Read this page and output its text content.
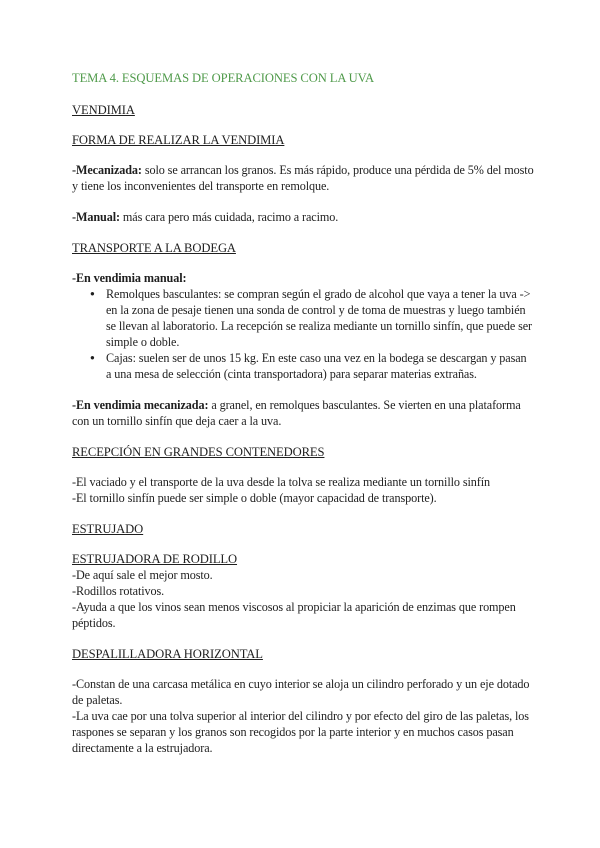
TEMA 4. ESQUEMAS DE OPERACIONES CON LA UVA
VENDIMIA
FORMA DE REALIZAR LA VENDIMIA

-Mecanizada: solo se arrancan los granos. Es más rápido, produce una pérdida de 5% del mosto y tiene los inconvenientes del transporte en remolque.

-Manual: más cara pero más cuidada, racimo a racimo.

TRANSPORTE A LA BODEGA

-En vendimia manual:

● Remolques basculantes: se compran según el grado de alcohol que vaya a tener la uva -> en la zona de pesaje tienen una sonda de control y de toma de muestras y luego también se llevan al laboratorio. La recepción se realiza mediante un tornillo sinfín, que puede ser simple o doble.
● Cajas: suelen ser de unos 15 kg. En este caso una vez en la bodega se descargan y pasan a una mesa de selección (cinta transportadora) para separar materias extrañas.

-En vendimia mecanizada: a granel, en remolques basculantes. Se vierten en una plataforma con un tornillo sinfín que deja caer a la uva.

RECEPCIÓN EN GRANDES CONTENEDORES

-El vaciado y el transporte de la uva desde la tolva se realiza mediante un tornillo sinfín

-El tornillo sinfín puede ser simple o doble (mayor capacidad de transporte).

ESTRUJADO
ESTRUJADORA DE RODILLO

-De aquí sale el mejor mosto.

-Rodillos rotativos.

-Ayuda a que los vinos sean menos viscosos al propiciar la aparición de enzimas que rompen péptidos.

DESPALILLADORA HORIZONTAL

-Constan de una carcasa metálica en cuyo interior se aloja un cilindro perforado y un eje dotado de paletas.

-La uva cae por una tolva superior al interior del cilindro y por efecto del giro de las paletas, los raspones se separan y los granos son recogidos por la parte interior y en muchos casos pasan directamente a la estrujadora.
